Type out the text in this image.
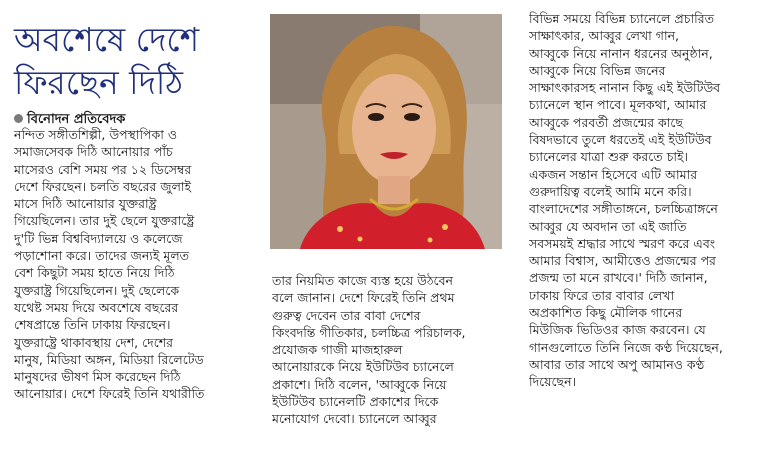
অবশেষে দেশে
ফিরছেন দিঠি
বিনোদন প্রতিবেদক

নন্দিত সঙ্গীতশিল্পী, উপস্থাপিকা ও

সমাজসেবক দিঠি আনোয়ার পাঁচ

মাসেরও বেশি সময় পর ১২ ডিসেম্বর

দেশে ফিরছেন। চলতি বছরের জুলাই

মাসে দিঠি আনোয়ার যুক্তরাষ্ট্র

গিয়েছিলেন। তার দুই ছেলে যুক্তরাষ্ট্রে

দু'টি ভিন্ন বিশ্ববিদ্যালয়ে ও কলেজে

পড়াশোনা করে। তাদের জন্যই মূলত

বেশ কিছুটা সময় হাতে নিয়ে দিঠি

যুক্তরাষ্ট্র গিয়েছিলেন। দুই ছেলেকে

যথেষ্ট সময় দিয়ে অবশেষে বছরের

শেষপ্রান্তে তিনি ঢাকায় ফিরছেন।

যুক্তরাষ্ট্রে থাকাবস্থায় দেশ, দেশের

মানুষ, মিডিয়া অঙ্গন, মিডিয়া রিলেটেড

মানুষদের ভীষণ মিস করেছেন দিঠি

আনোয়ার। দেশে ফিরেই তিনি যথারীতি

তার নিয়মিত কাজে ব্যস্ত হয়ে উঠবেন

বলে জানান। দেশে ফিরেই তিনি প্রথম

গুরুত্ব দেবেন তার বাবা দেশের

কিংবদন্তি গীতিকার, চলচ্চিত্র পরিচালক,

প্রযোজক গাজী মাজহারুল

আনোয়ারকে নিয়ে ইউটিউব চ্যানেলে

প্রকাশে। দিঠি বলেন, 'আব্বুকে নিয়ে

ইউটিউব চ্যানেলটি প্রকাশের দিকে

মনোযোগ দেবো। চ্যানেলে আব্বুর

বিভিন্ন সময়ে বিভিন্ন চ্যানেলে প্রচারিত

সাক্ষাৎকার, আব্বুর লেখা গান,

আব্বুকে নিয়ে নানান ধরনের অনুষ্ঠান,

আব্বুকে নিয়ে বিভিন্ন জনের

সাক্ষাৎকারসহ নানান কিছু এই ইউটিউব

চ্যানেলে স্থান পাবে। মূলকথা, আমার

আব্বুকে পরবর্তী প্রজন্মের কাছে

বিষদভাবে তুলে ধরতেই এই ইউটিউব

চ্যানেলের যাত্রা শুরু করতে চাই।

একজন সন্তান হিসেবে এটি আমার

গুরুদায়িত্ব বলেই আমি মনে করি।

বাংলাদেশের সঙ্গীতাঙ্গনে, চলচ্চিত্রাঙ্গনে

আব্বুর যে অবদান তা এই জাতি

সবসময়ই শ্রদ্ধার সাথে স্মরণ করে এবং

আমার বিশ্বাস, আমীত্তেও প্রজন্মের পর

প্রজন্ম তা মনে রাখবে।' দিঠি জানান,

ঢাকায় ফিরে তার বাবার লেখা

অপ্রকাশিত কিছু মৌলিক গানের

মিউজিক ভিডিওর কাজ করবেন। যে

গানগুলোতে তিনি নিজে কণ্ঠ দিয়েছেন,

আবার তার সাথে অপু আমানও কণ্ঠ

দিয়েছেন।
